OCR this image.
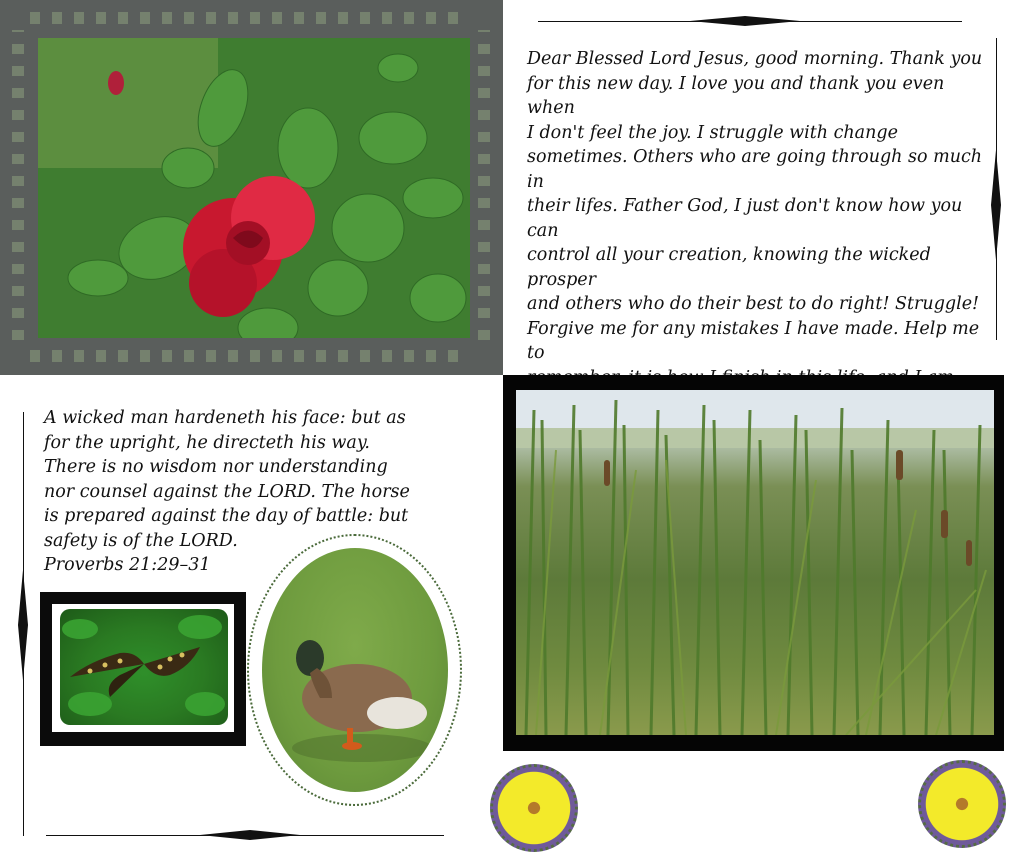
Dear Blessed Lord Jesus, good morning. Thank you
for this new day. I love you and thank you even when
I don't feel the joy. I struggle with change
sometimes. Others who are going through so much in
their lifes. Father God, I just don't know how you can
control all your creation, knowing the wicked prosper
and others who do their best to do right! Struggle!
Forgive me for any mistakes I have made. Help me to
A wicked man hardeneth his face: but as
for the upright, he directeth his way.
There is no wisdom nor understanding
nor counsel against the LORD. The horse
is prepared against the day of battle: but
safety is of the LORD.
Proverbs 21:29–31
